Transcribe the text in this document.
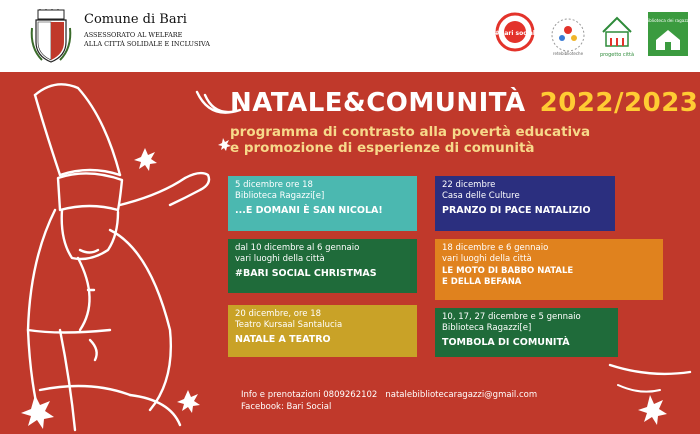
Comune di Bari
ASSESSORATO AL WELFARE
ALLA CITTÀ SOLIDALE E INCLUSIVA
#bari social
retebiblioteche	progetto città
la biblioteca dei ragazzi[e]
NATALE&COMUNITÀ 2022/2023
programma di contrasto alla povertà educativa
e promozione di esperienze di comunità
5 dicembre ore 18
Biblioteca Ragazzi[e]
...E DOMANI È SAN NICOLA!
22 dicembre
Casa delle Culture
PRANZO DI PACE NATALIZIO
dal 10 dicembre al 6 gennaio
vari luoghi della città
#BARI SOCIAL CHRISTMAS
18 dicembre e 6 gennaio
vari luoghi della città
LE MOTO DI BABBO NATALE
E DELLA BEFANA
20 dicembre, ore 18
Teatro Kursaal Santalucia
NATALE A TEATRO
10, 17, 27 dicembre e 5 gennaio
Biblioteca Ragazzi[e]
TOMBOLA DI COMUNITÀ
Info e prenotazioni 0809262102 natalebibliotecaragazzi@gmail.com
Facebook: Bari Social
